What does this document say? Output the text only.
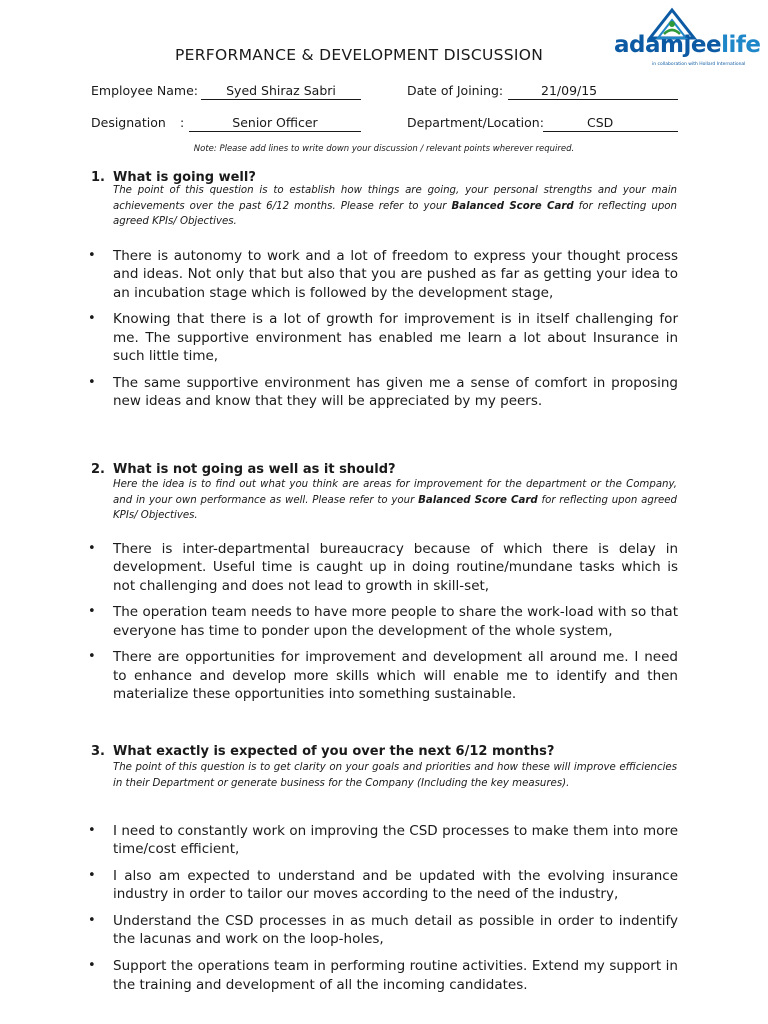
PERFORMANCE & DEVELOPMENT DISCUSSION	adamjeelife
in collaboration with Hollard International
Employee Name:	Syed Shiraz Sabri	Date of Joining:	21/09/15
Designation :	Senior Officer	Department/Location:	CSD
Note: Please add lines to write down your discussion / relevant points wherever required.
1. What is going well?
The point of this question is to establish how things are going, your personal strengths and your main achievements over the past 6/12 months. Please refer to your Balanced Score Card for reflecting upon agreed KPIs/ Objectives.
• There is autonomy to work and a lot of freedom to express your thought process and ideas. Not only that but also that you are pushed as far as getting your idea to an incubation stage which is followed by the development stage,
• Knowing that there is a lot of growth for improvement is in itself challenging for me. The supportive environment has enabled me learn a lot about Insurance in such little time,
• The same supportive environment has given me a sense of comfort in proposing new ideas and know that they will be appreciated by my peers.
2. What is not going as well as it should?
Here the idea is to find out what you think are areas for improvement for the department or the Company, and in your own performance as well. Please refer to your Balanced Score Card for reflecting upon agreed KPIs/ Objectives.
• There is inter-departmental bureaucracy because of which there is delay in development. Useful time is caught up in doing routine/mundane tasks which is not challenging and does not lead to growth in skill-set,
• The operation team needs to have more people to share the work-load with so that everyone has time to ponder upon the development of the whole system,
• There are opportunities for improvement and development all around me. I need to enhance and develop more skills which will enable me to identify and then materialize these opportunities into something sustainable.
3. What exactly is expected of you over the next 6/12 months?
The point of this question is to get clarity on your goals and priorities and how these will improve efficiencies in their Department or generate business for the Company (Including the key measures).
• I need to constantly work on improving the CSD processes to make them into more time/cost efficient,
• I also am expected to understand and be updated with the evolving insurance industry in order to tailor our moves according to the need of the industry,
• Understand the CSD processes in as much detail as possible in order to indentify the lacunas and work on the loop-holes,
• Support the operations team in performing routine activities. Extend my support in the training and development of all the incoming candidates.
